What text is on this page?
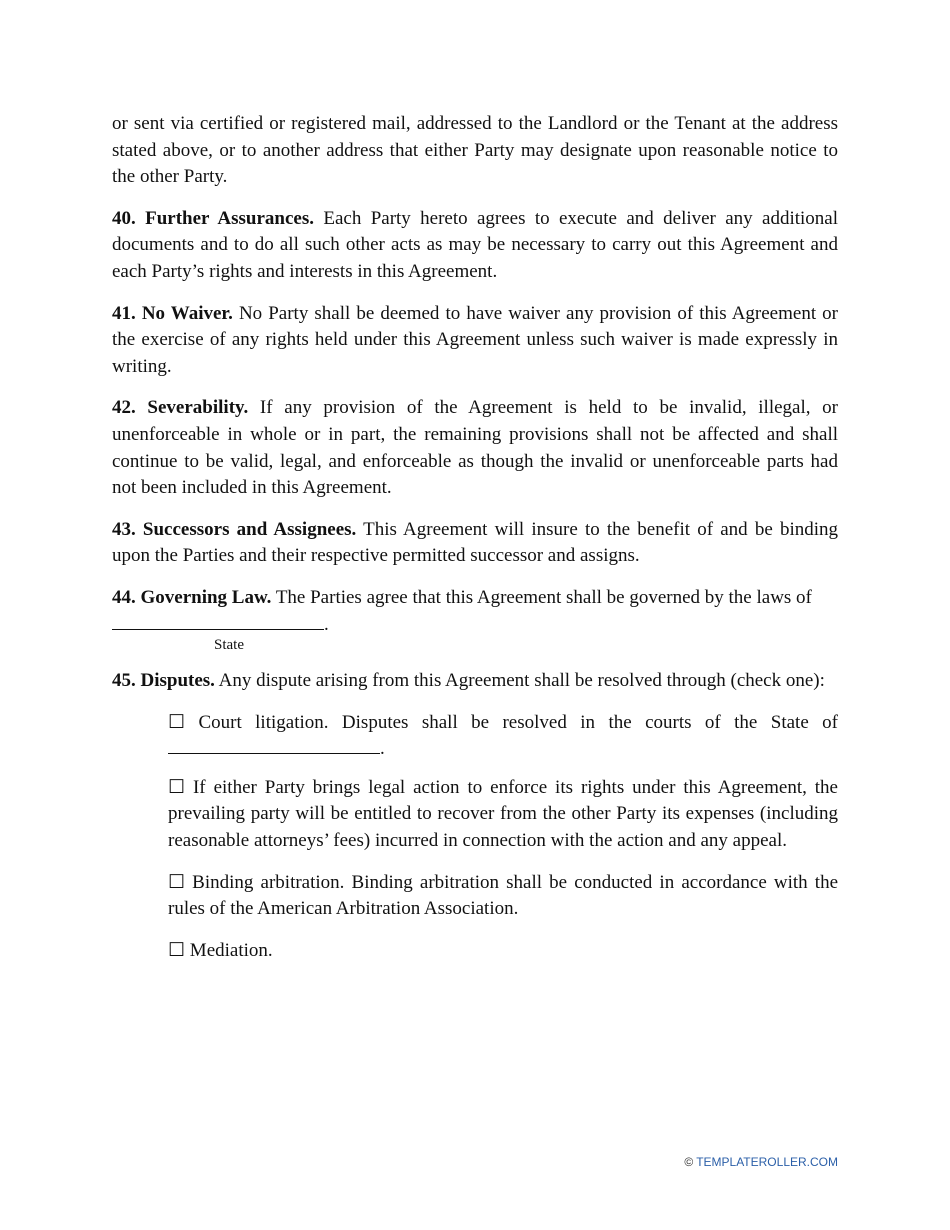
or sent via certified or registered mail, addressed to the Landlord or the Tenant at the address stated above, or to another address that either Party may designate upon reasonable notice to the other Party.

40. Further Assurances. Each Party hereto agrees to execute and deliver any additional documents and to do all such other acts as may be necessary to carry out this Agreement and each Party’s rights and interests in this Agreement.

41. No Waiver. No Party shall be deemed to have waiver any provision of this Agreement or the exercise of any rights held under this Agreement unless such waiver is made expressly in writing.

42. Severability. If any provision of the Agreement is held to be invalid, illegal, or unenforceable in whole or in part, the remaining provisions shall not be affected and shall continue to be valid, legal, and enforceable as though the invalid or unenforceable parts had not been included in this Agreement.

43. Successors and Assignees. This Agreement will insure to the benefit of and be binding upon the Parties and their respective permitted successor and assigns.

44. Governing Law. The Parties agree that this Agreement shall be governed by the laws of .

State

45. Disputes. Any dispute arising from this Agreement shall be resolved through (check one):

☐ Court litigation. Disputes shall be resolved in the courts of the State of .
☐ If either Party brings legal action to enforce its rights under this Agreement, the prevailing party will be entitled to recover from the other Party its expenses (including reasonable attorneys’ fees) incurred in connection with the action and any appeal.
☐ Binding arbitration. Binding arbitration shall be conducted in accordance with the rules of the American Arbitration Association.
☐ Mediation.
© TEMPLATEROLLER.COM
